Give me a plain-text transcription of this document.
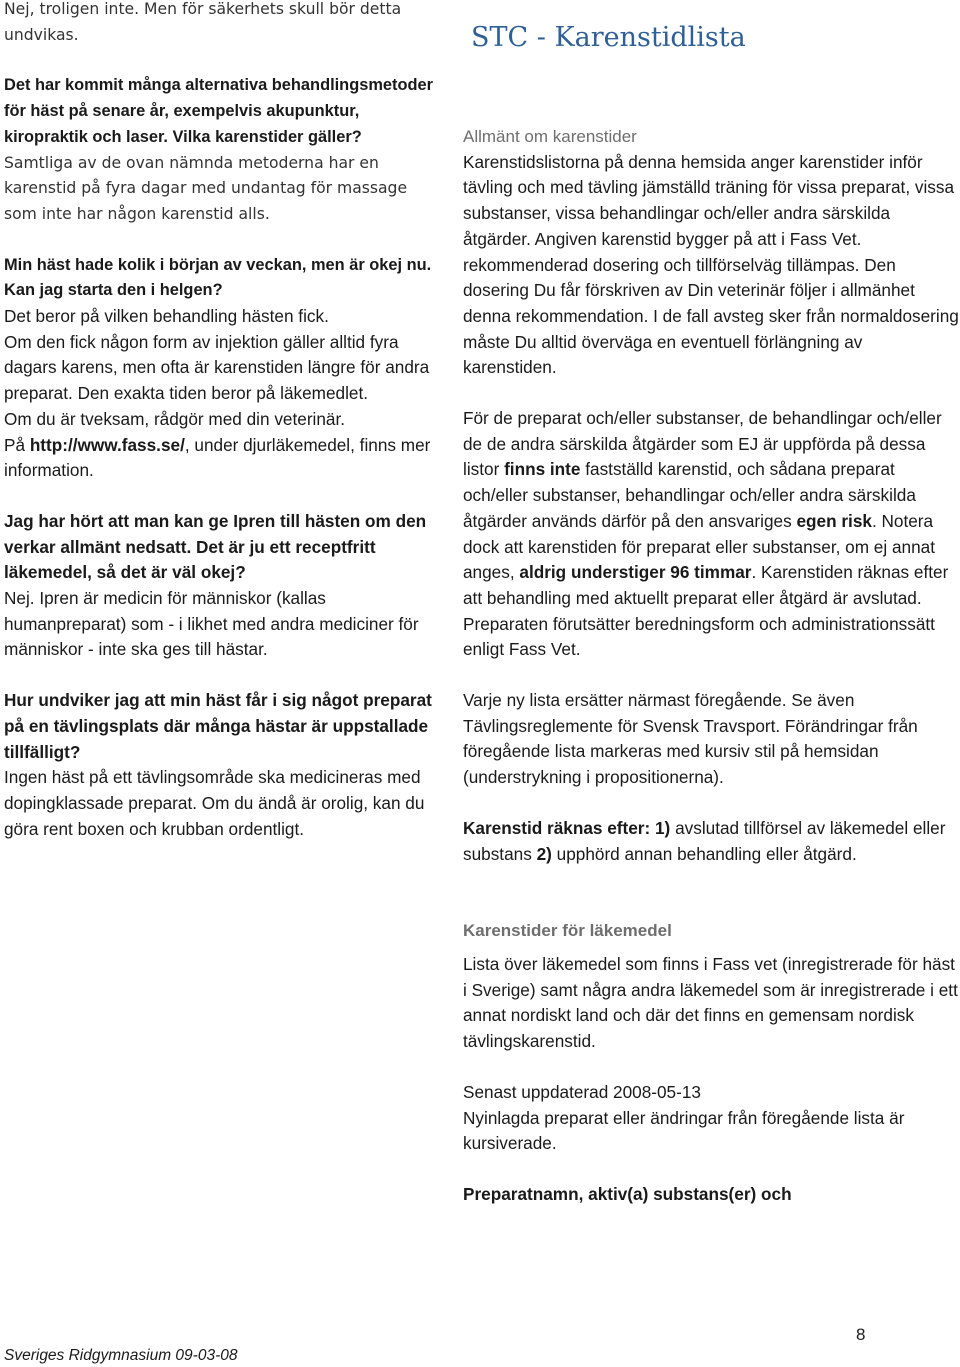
Nej, troligen inte. Men för säkerhets skull bör detta undvikas.

Det har kommit många alternativa behandlingsmetoder för häst på senare år, exempelvis akupunktur, kiropraktik och laser. Vilka karenstider gäller?

Samtliga av de ovan nämnda metoderna har en karenstid på fyra dagar med undantag för massage som inte har någon karenstid alls.

Min häst hade kolik i början av veckan, men är okej nu. Kan jag starta den i helgen?

Det beror på vilken behandling hästen fick.

Om den fick någon form av injektion gäller alltid fyra dagars karens, men ofta är karenstiden längre för andra preparat. Den exakta tiden beror på läkemedlet.

Om du är tveksam, rådgör med din veterinär.

På http://www.fass.se/, under djurläkemedel, finns mer information.

Jag har hört att man kan ge Ipren till hästen om den verkar allmänt nedsatt. Det är ju ett receptfritt läkemedel, så det är väl okej?

Nej. Ipren är medicin för människor (kallas humanpreparat) som - i likhet med andra mediciner för människor - inte ska ges till hästar.

Hur undviker jag att min häst får i sig något preparat på en tävlingsplats där många hästar är uppstallade tillfälligt?

Ingen häst på ett tävlingsområde ska medicineras med dopingklassade preparat. Om du ändå är orolig, kan du göra rent boxen och krubban ordentligt.

STC - Karenstidlista

Allmänt om karenstider

Karenstidslistorna på denna hemsida anger karenstider inför tävling och med tävling jämställd träning för vissa preparat, vissa substanser, vissa behandlingar och/eller andra särskilda åtgärder. Angiven karenstid bygger på att i Fass Vet. rekommenderad dosering och tillförselväg tillämpas. Den dosering Du får förskriven av Din veterinär följer i allmänhet denna rekommendation. I de fall avsteg sker från normaldosering måste Du alltid överväga en eventuell förlängning av karenstiden.

För de preparat och/eller substanser, de behandlingar och/eller de de andra särskilda åtgärder som EJ är uppförda på dessa listor finns inte fastställd karenstid, och sådana preparat och/eller substanser, behandlingar och/eller andra särskilda åtgärder används därför på den ansvariges egen risk. Notera dock att karenstiden för preparat eller substanser, om ej annat anges, aldrig understiger 96 timmar. Karenstiden räknas efter att behandling med aktuellt preparat eller åtgärd är avslutad. Preparaten förutsätter beredningsform och administrationssätt enligt Fass Vet.

Varje ny lista ersätter närmast föregående. Se även Tävlingsreglemente för Svensk Travsport. Förändringar från föregående lista markeras med kursiv stil på hemsidan (understrykning i propositionerna).

Karenstid räknas efter: 1) avslutad tillförsel av läkemedel eller substans 2) upphörd annan behandling eller åtgärd.

Karenstider för läkemedel

Lista över läkemedel som finns i Fass vet (inregistrerade för häst i Sverige) samt några andra läkemedel som är inregistrerade i ett annat nordiskt land och där det finns en gemensam nordisk tävlingskarenstid.

Senast uppdaterad 2008-05-13

Nyinlagda preparat eller ändringar från föregående lista är kursiverade.

Preparatnamn, aktiv(a) substans(er) och

8
Sveriges Ridgymnasium 09-03-08
